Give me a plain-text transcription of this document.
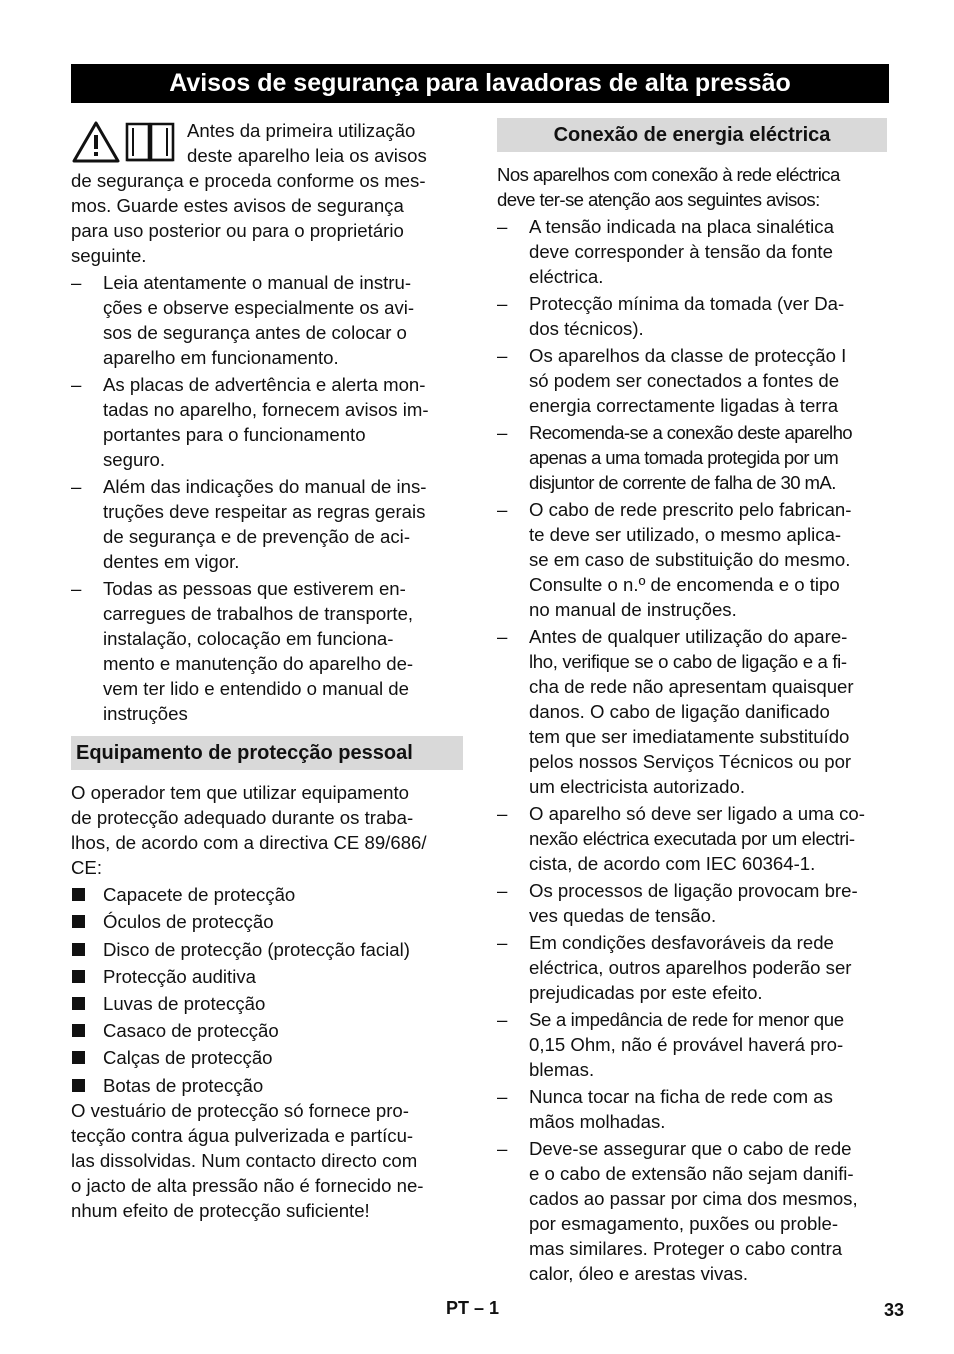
Avisos de segurança para lavadoras de alta pressão
Antes da primeira utilização
deste aparelho leia os avisos
de segurança e proceda conforme os mes-
mos. Guarde estes avisos de segurança
para uso posterior ou para o proprietário
seguinte.
–
Leia atentamente o manual de instru-
ções e observe especialmente os avi-
sos de segurança antes de colocar o
aparelho em funcionamento.
–
As placas de advertência e alerta mon-
tadas no aparelho, fornecem avisos im-
portantes para o funcionamento
seguro.
–
Além das indicações do manual de ins-
truções deve respeitar as regras gerais
de segurança e de prevenção de aci-
dentes em vigor.
–
Todas as pessoas que estiverem en-
carregues de trabalhos de transporte,
instalação, colocação em funciona-
mento e manutenção do aparelho de-
vem ter lido e entendido o manual de
instruções
Equipamento de protecção pessoal
O operador tem que utilizar equipamento
de protecção adequado durante os traba-
lhos, de acordo com a directiva CE 89/686/
CE:
Capacete de protecção
Óculos de protecção
Disco de protecção (protecção facial)
Protecção auditiva
Luvas de protecção
Casaco de protecção
Calças de protecção
Botas de protecção
O vestuário de protecção só fornece pro-
tecção contra água pulverizada e partícu-
las dissolvidas. Num contacto directo com
o jacto de alta pressão não é fornecido ne-
nhum efeito de protecção suficiente!
Conexão de energia eléctrica
Nos aparelhos com conexão à rede eléctrica
deve ter-se atenção aos seguintes avisos:
–
A tensão indicada na placa sinalética
deve corresponder à tensão da fonte
eléctrica.
–
Protecção mínima da tomada (ver Da-
dos técnicos).
–
Os aparelhos da classe de protecção I
só podem ser conectados a fontes de
energia correctamente ligadas à terra
–
Recomenda-se a conexão deste aparelho
apenas a uma tomada protegida por um
disjuntor de corrente de falha de 30 mA.
–
O cabo de rede prescrito pelo fabrican-
te deve ser utilizado, o mesmo aplica-
se em caso de substituição do mesmo.
Consulte o n.º de encomenda e o tipo
no manual de instruções.
–
Antes de qualquer utilização do apare-
lho, verifique se o cabo de ligação e a fi-
cha de rede não apresentam quaisquer
danos. O cabo de ligação danificado
tem que ser imediatamente substituído
pelos nossos Serviços Técnicos ou por
um electricista autorizado.
–
O aparelho só deve ser ligado a uma co-
nexão eléctrica executada por um electri-
cista, de acordo com IEC 60364-1.
–
Os processos de ligação provocam bre-
ves quedas de tensão.
–
Em condições desfavoráveis da rede
eléctrica, outros aparelhos poderão ser
prejudicadas por este efeito.
–
Se a impedância de rede for menor que
0,15 Ohm, não é provável haverá pro-
blemas.
–
Nunca tocar na ficha de rede com as
mãos molhadas.
–
Deve-se assegurar que o cabo de rede
e o cabo de extensão não sejam danifi-
cados ao passar por cima dos mesmos,
por esmagamento, puxões ou proble-
mas similares. Proteger o cabo contra
calor, óleo e arestas vivas.
PT – 1	33
